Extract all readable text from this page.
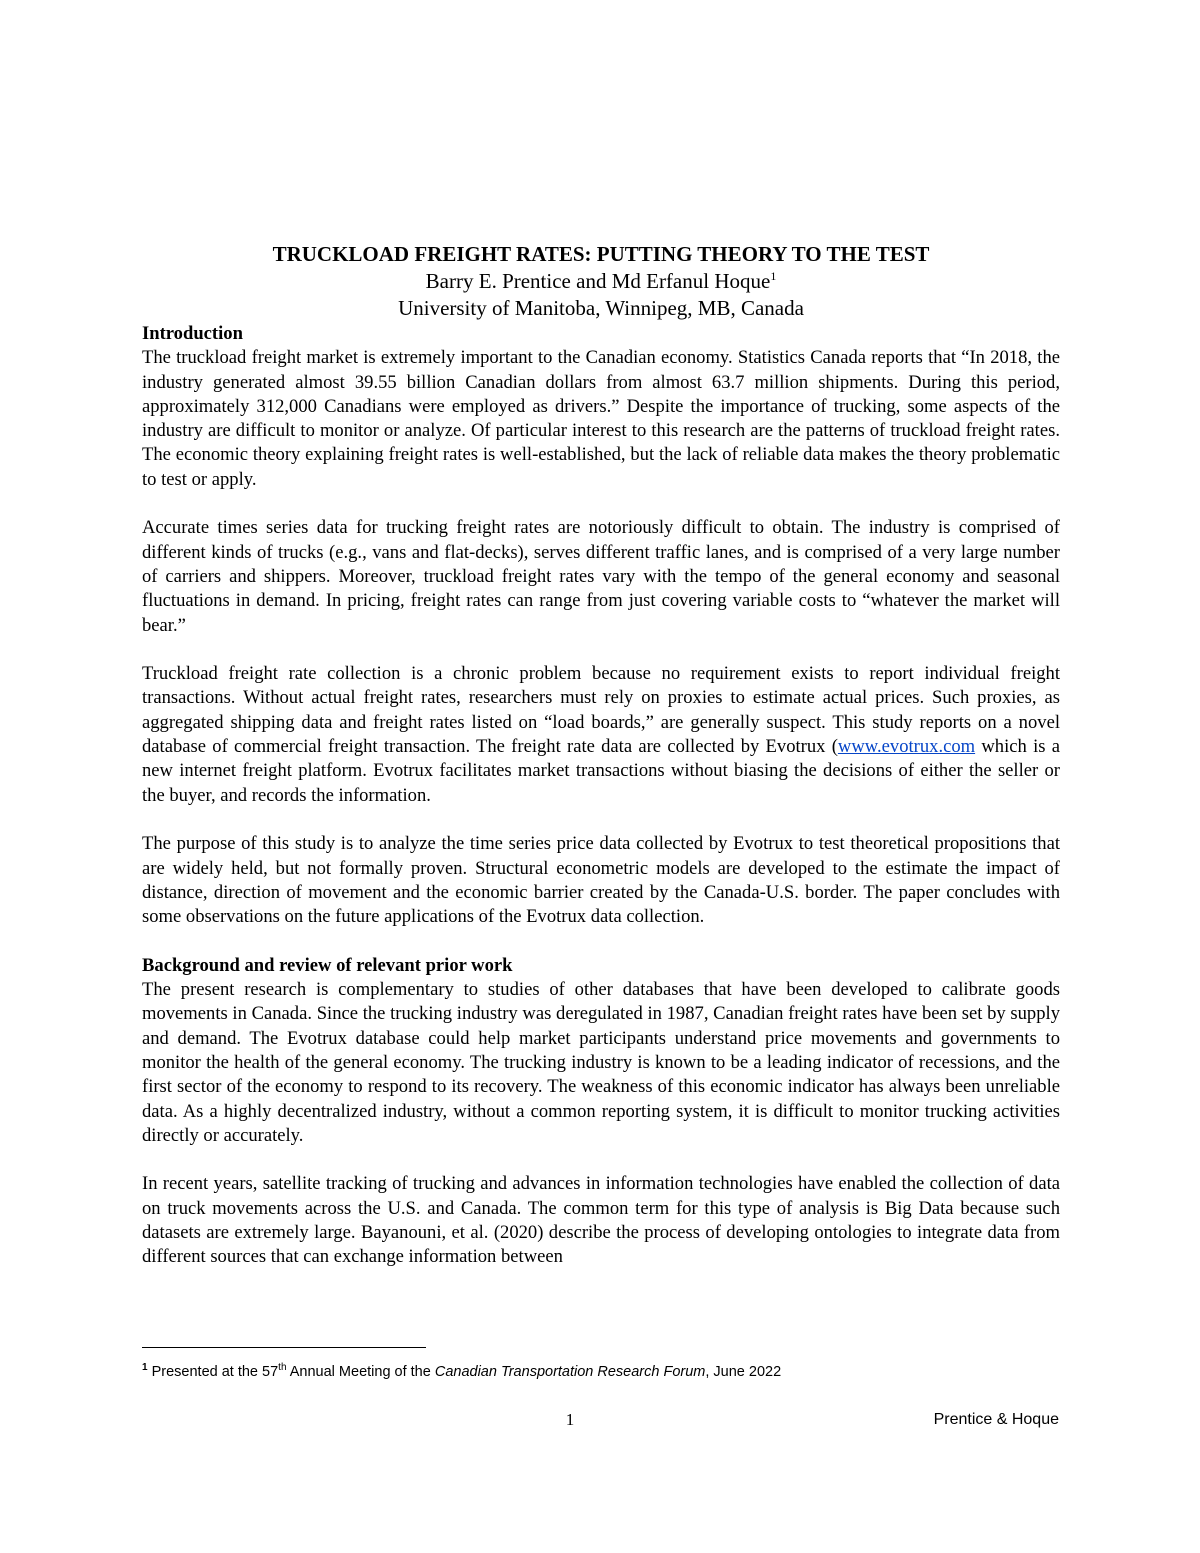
TRUCKLOAD FREIGHT RATES: PUTTING THEORY TO THE TEST

Barry E. Prentice and Md Erfanul Hoque$^1$

University of Manitoba, Winnipeg, MB, Canada

Introduction

The truckload freight market is extremely important to the Canadian economy. Statistics Canada reports that “In 2018, the industry generated almost 39.55 billion Canadian dollars from almost 63.7 million shipments. During this period, approximately 312,000 Canadians were employed as drivers.” Despite the importance of trucking, some aspects of the industry are difficult to monitor or analyze. Of particular interest to this research are the patterns of truckload freight rates. The economic theory explaining freight rates is well-established, but the lack of reliable data makes the theory problematic to test or apply.

Accurate times series data for trucking freight rates are notoriously difficult to obtain. The industry is comprised of different kinds of trucks (e.g., vans and flat-decks), serves different traffic lanes, and is comprised of a very large number of carriers and shippers. Moreover, truckload freight rates vary with the tempo of the general economy and seasonal fluctuations in demand. In pricing, freight rates can range from just covering variable costs to “whatever the market will bear.”

Truckload freight rate collection is a chronic problem because no requirement exists to report individual freight transactions. Without actual freight rates, researchers must rely on proxies to estimate actual prices. Such proxies, as aggregated shipping data and freight rates listed on “load boards,” are generally suspect. This study reports on a novel database of commercial freight transaction. The freight rate data are collected by Evotrux (www.evotrux.com which is a new internet freight platform. Evotrux facilitates market transactions without biasing the decisions of either the seller or the buyer, and records the information.

The purpose of this study is to analyze the time series price data collected by Evotrux to test theoretical propositions that are widely held, but not formally proven. Structural econometric models are developed to the estimate the impact of distance, direction of movement and the economic barrier created by the Canada-U.S. border. The paper concludes with some observations on the future applications of the Evotrux data collection.

Background and review of relevant prior work

The present research is complementary to studies of other databases that have been developed to calibrate goods movements in Canada. Since the trucking industry was deregulated in 1987, Canadian freight rates have been set by supply and demand. The Evotrux database could help market participants understand price movements and governments to monitor the health of the general economy. The trucking industry is known to be a leading indicator of recessions, and the first sector of the economy to respond to its recovery. The weakness of this economic indicator has always been unreliable data. As a highly decentralized industry, without a common reporting system, it is difficult to monitor trucking activities directly or accurately.

In recent years, satellite tracking of trucking and advances in information technologies have enabled the collection of data on truck movements across the U.S. and Canada. The common term for this type of analysis is Big Data because such datasets are extremely large. Bayanouni, et al. (2020) describe the process of developing ontologies to integrate data from different sources that can exchange information between

$^1$ Presented at the 57th Annual Meeting of the Canadian Transportation Research Forum, June 2022
1	Prentice & Hoque
